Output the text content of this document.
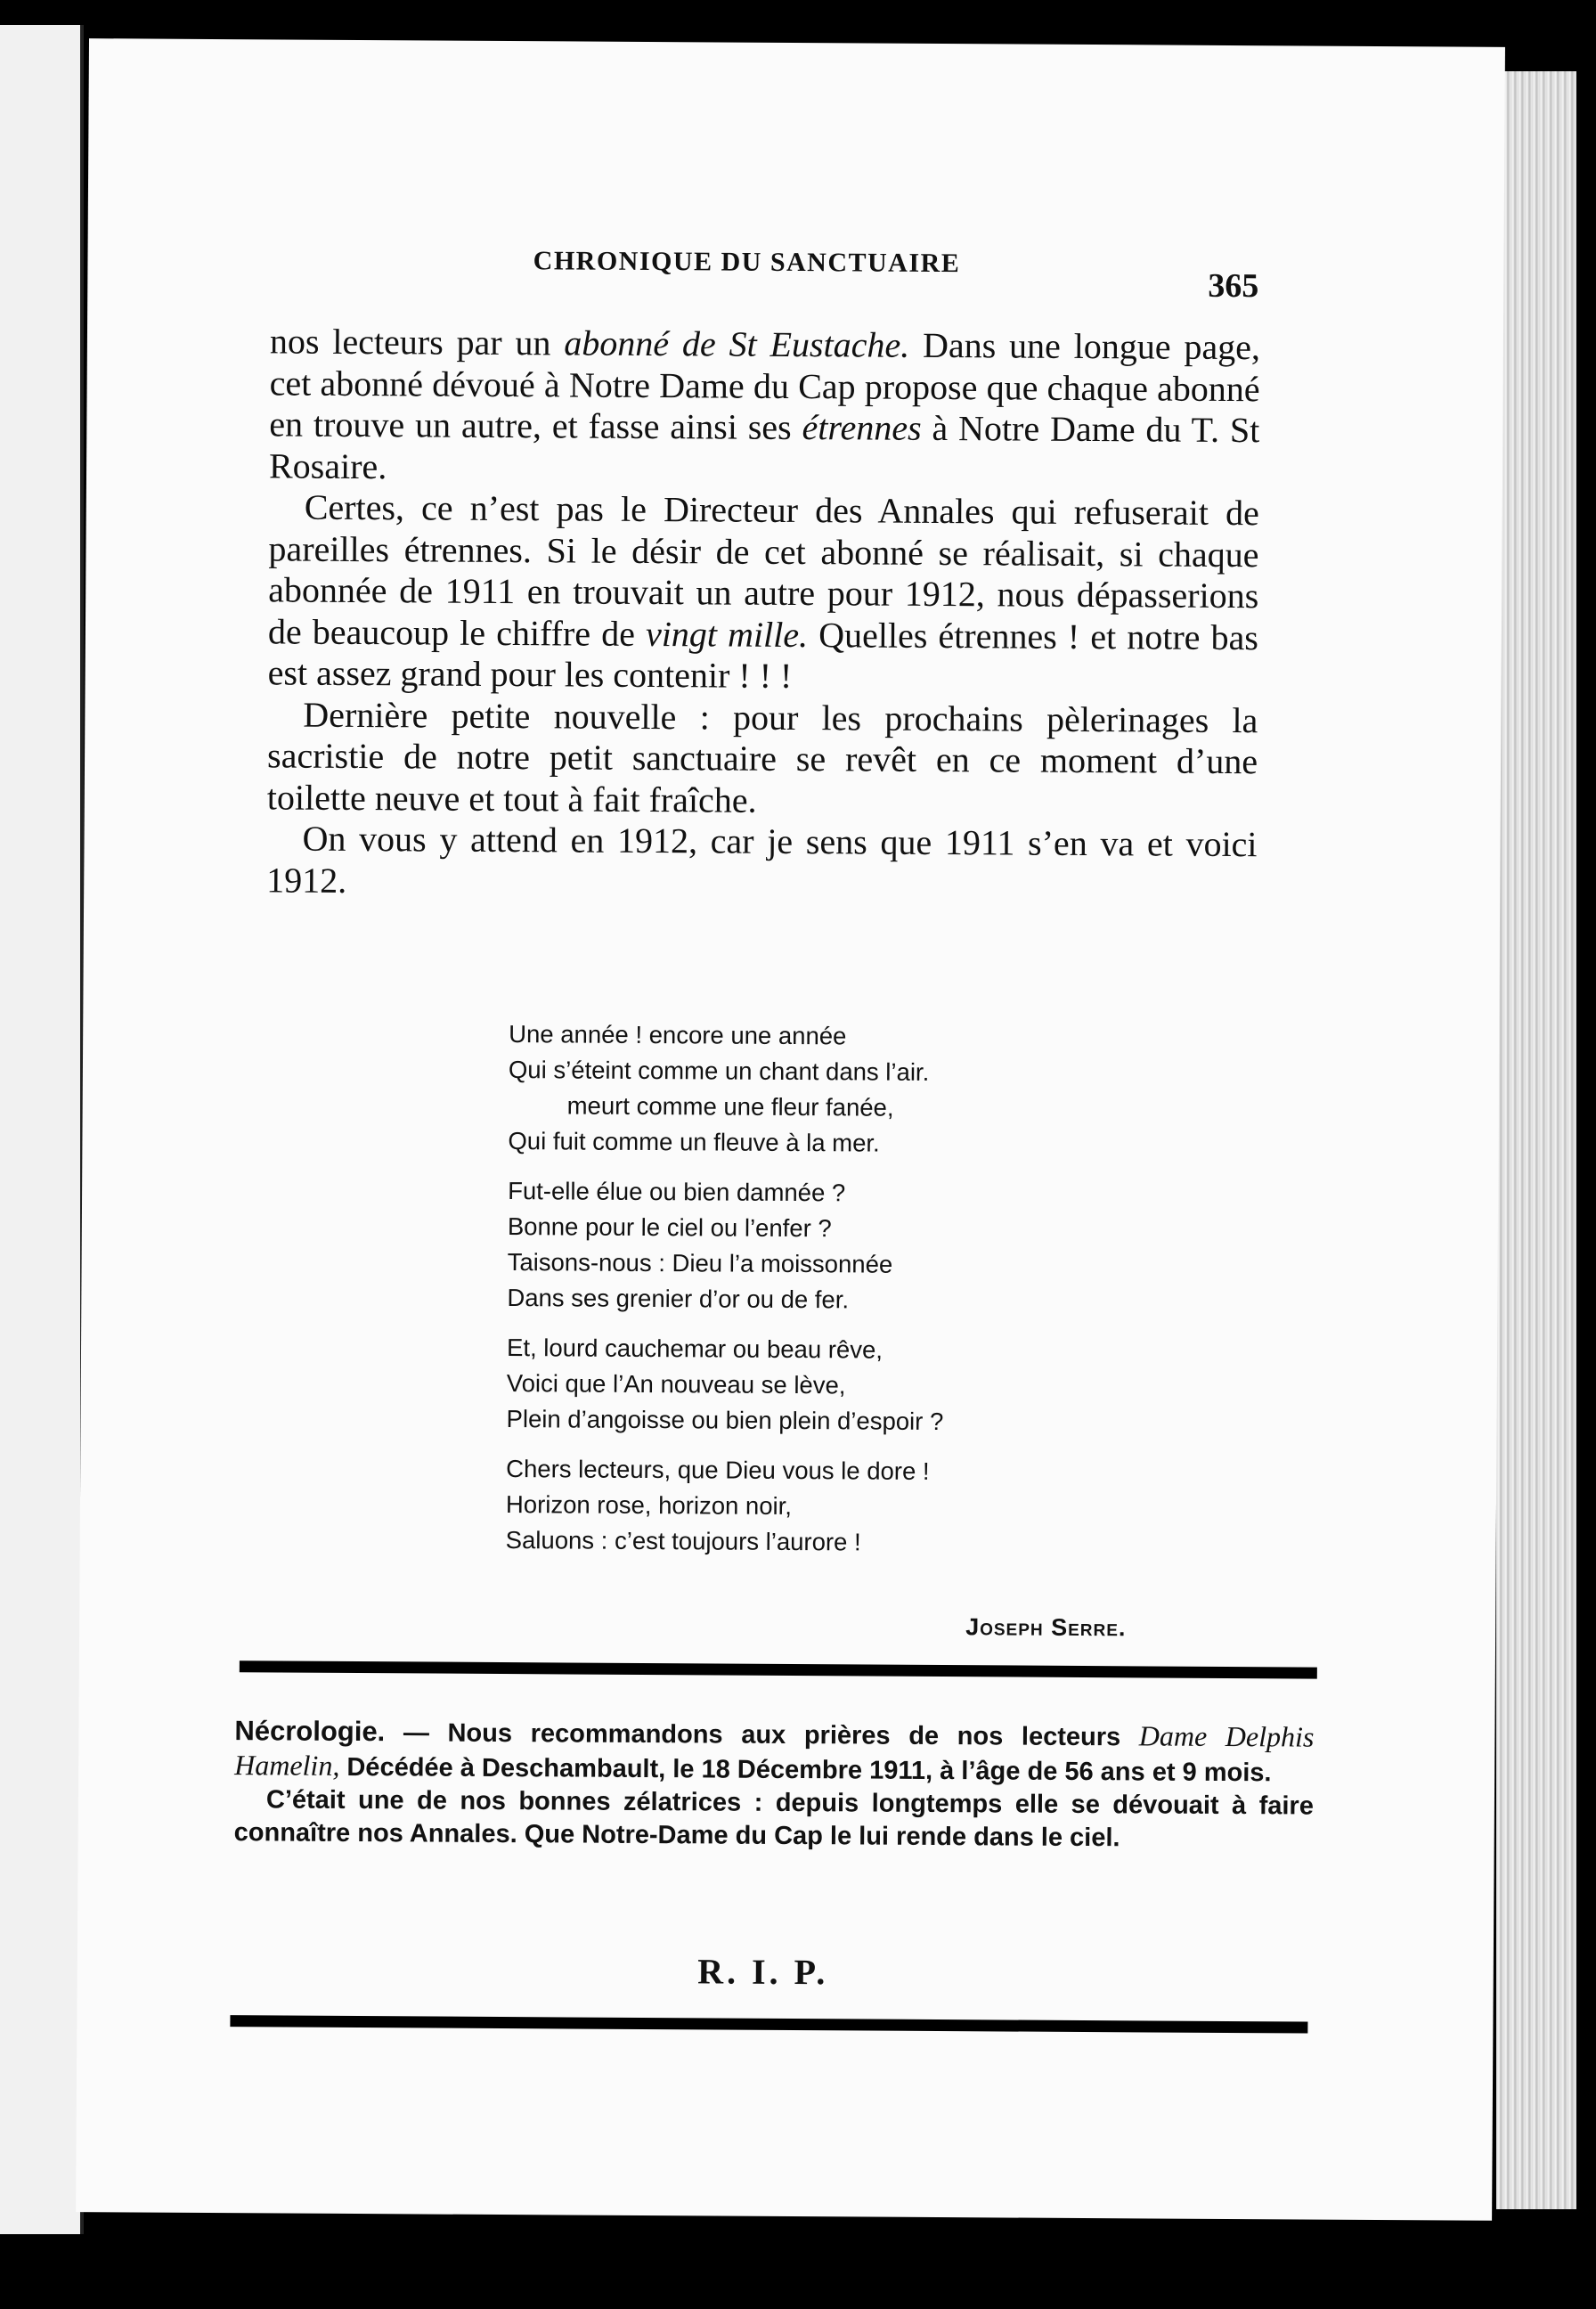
CHRONIQUE DU SANCTUAIRE
365

nos lecteurs par un abonné de St Eustache. Dans une longue page, cet abonné dévoué à Notre Dame du Cap propose que chaque abonné en trouve un autre, et fasse ainsi ses étrennes à Notre Dame du T. St Rosaire.

Certes, ce n’est pas le Directeur des Annales qui refuserait de pareilles étrennes. Si le désir de cet abonné se réalisait, si chaque abonnée de 1911 en trouvait un autre pour 1912, nous dépasserions de beaucoup le chiffre de vingt mille. Quelles étrennes ! et notre bas est assez grand pour les contenir ! ! !

Dernière petite nouvelle : pour les prochains pèlerinages la sacristie de notre petit sanctuaire se revêt en ce moment d’une toilette neuve et tout à fait fraîche.

On vous y attend en 1912, car je sens que 1911 s’en va et voici 1912.

Une année ! encore une année
Qui s’éteint comme un chant dans l’air.
meurt comme une fleur fanée,
Qui fuit comme un fleuve à la mer.
Fut-elle élue ou bien damnée ?
Bonne pour le ciel ou l’enfer ?
Taisons-nous : Dieu l’a moissonnée
Dans ses grenier d’or ou de fer.
Et, lourd cauchemar ou beau rêve,
Voici que l’An nouveau se lève,
Plein d’angoisse ou bien plein d’espoir ?
Chers lecteurs, que Dieu vous le dore !
Horizon rose, horizon noir,
Saluons : c’est toujours l’aurore !
Joseph Serre.

Nécrologie. — Nous recommandons aux prières de nos lecteurs Dame Delphis Hamelin, Décédée à Deschambault, le 18 Décembre 1911, à l’âge de 56 ans et 9 mois.

C’était une de nos bonnes zélatrices : depuis longtemps elle se dévouait à faire connaître nos Annales. Que Notre-Dame du Cap le lui rende dans le ciel.

R. I. P.
